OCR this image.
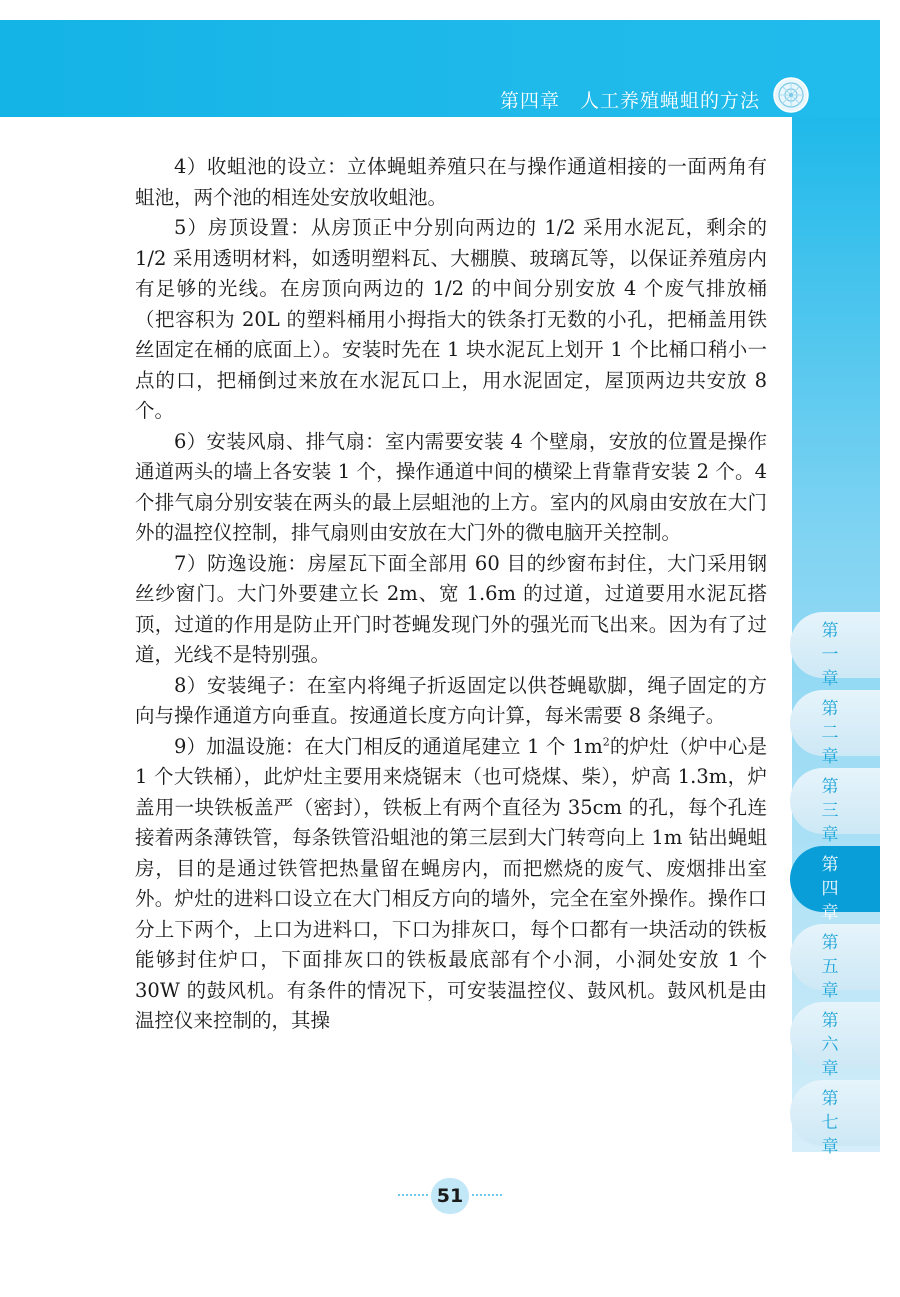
第四章 人工养殖蝇蛆的方法

4）收蛆池的设立：立体蝇蛆养殖只在与操作通道相接的一面两角有蛆池，两个池的相连处安放收蛆池。

5）房顶设置：从房顶正中分别向两边的 1/2 采用水泥瓦，剩余的 1/2 采用透明材料，如透明塑料瓦、大棚膜、玻璃瓦等，以保证养殖房内有足够的光线。在房顶向两边的 1/2 的中间分别安放 4 个废气排放桶（把容积为 20L 的塑料桶用小拇指大的铁条打无数的小孔，把桶盖用铁丝固定在桶的底面上）。安装时先在 1 块水泥瓦上划开 1 个比桶口稍小一点的口，把桶倒过来放在水泥瓦口上，用水泥固定，屋顶两边共安放 8 个。

6）安装风扇、排气扇：室内需要安装 4 个壁扇，安放的位置是操作通道两头的墙上各安装 1 个，操作通道中间的横梁上背靠背安装 2 个。4 个排气扇分别安装在两头的最上层蛆池的上方。室内的风扇由安放在大门外的温控仪控制，排气扇则由安放在大门外的微电脑开关控制。

7）防逸设施：房屋瓦下面全部用 60 目的纱窗布封住，大门采用钢丝纱窗门。大门外要建立长 2m、宽 1.6m 的过道，过道要用水泥瓦搭顶，过道的作用是防止开门时苍蝇发现门外的强光而飞出来。因为有了过道，光线不是特别强。

8）安装绳子：在室内将绳子折返固定以供苍蝇歇脚，绳子固定的方向与操作通道方向垂直。按通道长度方向计算，每米需要 8 条绳子。

9）加温设施：在大门相反的通道尾建立 1 个 $1m^2$的炉灶（炉中心是 1 个大铁桶），此炉灶主要用来烧锯末（也可烧煤、柴），炉高 1.3m，炉盖用一块铁板盖严（密封），铁板上有两个直径为 35cm 的孔，每个孔连接着两条薄铁管，每条铁管沿蛆池的第三层到大门转弯向上 1m 钻出蝇蛆房，目的是通过铁管把热量留在蝇房内，而把燃烧的废气、废烟排出室外。炉灶的进料口设立在大门相反方向的墙外，完全在室外操作。操作口分上下两个，上口为进料口，下口为排灰口，每个口都有一块活动的铁板能够封住炉口，下面排灰口的铁板最底部有个小洞，小洞处安放 1 个 30W 的鼓风机。有条件的情况下，可安装温控仪、鼓风机。鼓风机是由温控仪来控制的，其操

第
一
章
第
二
章
第
三
章
第
四
章
第
五
章
第
六
章
第
七
章
51
